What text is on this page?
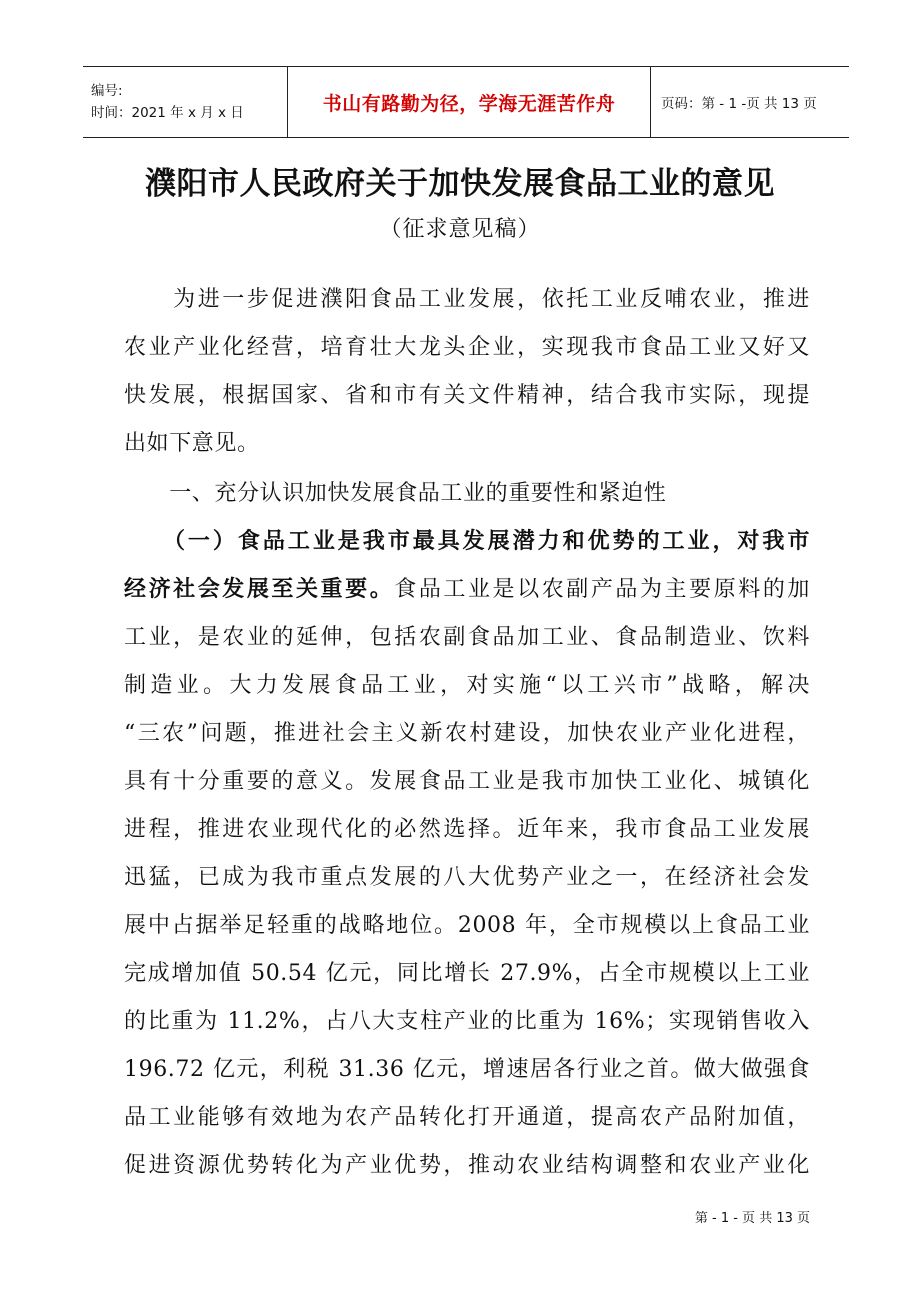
编号:
时间：2021 年 x 月 x 日	书山有路勤为径，学海无涯苦作舟	页码：第 - 1 -页 共 13 页
濮阳市人民政府关于加快发展食品工业的意见
（征求意见稿）
　　为进一步促进濮阳食品工业发展，依托工业反哺农业，推进
农业产业化经营，培育壮大龙头企业，实现我市食品工业又好又
快发展，根据国家、省和市有关文件精神，结合我市实际，现提
出如下意见。
　　一、充分认识加快发展食品工业的重要性和紧迫性
　　（一）食品工业是我市最具发展潜力和优势的工业，对我市
经济社会发展至关重要。食品工业是以农副产品为主要原料的加
工业，是农业的延伸，包括农副食品加工业、食品制造业、饮料
制造业。大力发展食品工业，对实施“以工兴市”战略，解决
“三农”问题，推进社会主义新农村建设，加快农业产业化进程，
具有十分重要的意义。发展食品工业是我市加快工业化、城镇化
进程，推进农业现代化的必然选择。近年来，我市食品工业发展
迅猛，已成为我市重点发展的八大优势产业之一，在经济社会发
展中占据举足轻重的战略地位。2008 年，全市规模以上食品工业
完成增加值 50.54 亿元，同比增长 27.9%，占全市规模以上工业
的比重为 11.2%，占八大支柱产业的比重为 16%；实现销售收入
196.72 亿元，利税 31.36 亿元，增速居各行业之首。做大做强食
品工业能够有效地为农产品转化打开通道，提高农产品附加值，
促进资源优势转化为产业优势，推动农业结构调整和农业产业化
第 - 1 - 页 共 13 页
